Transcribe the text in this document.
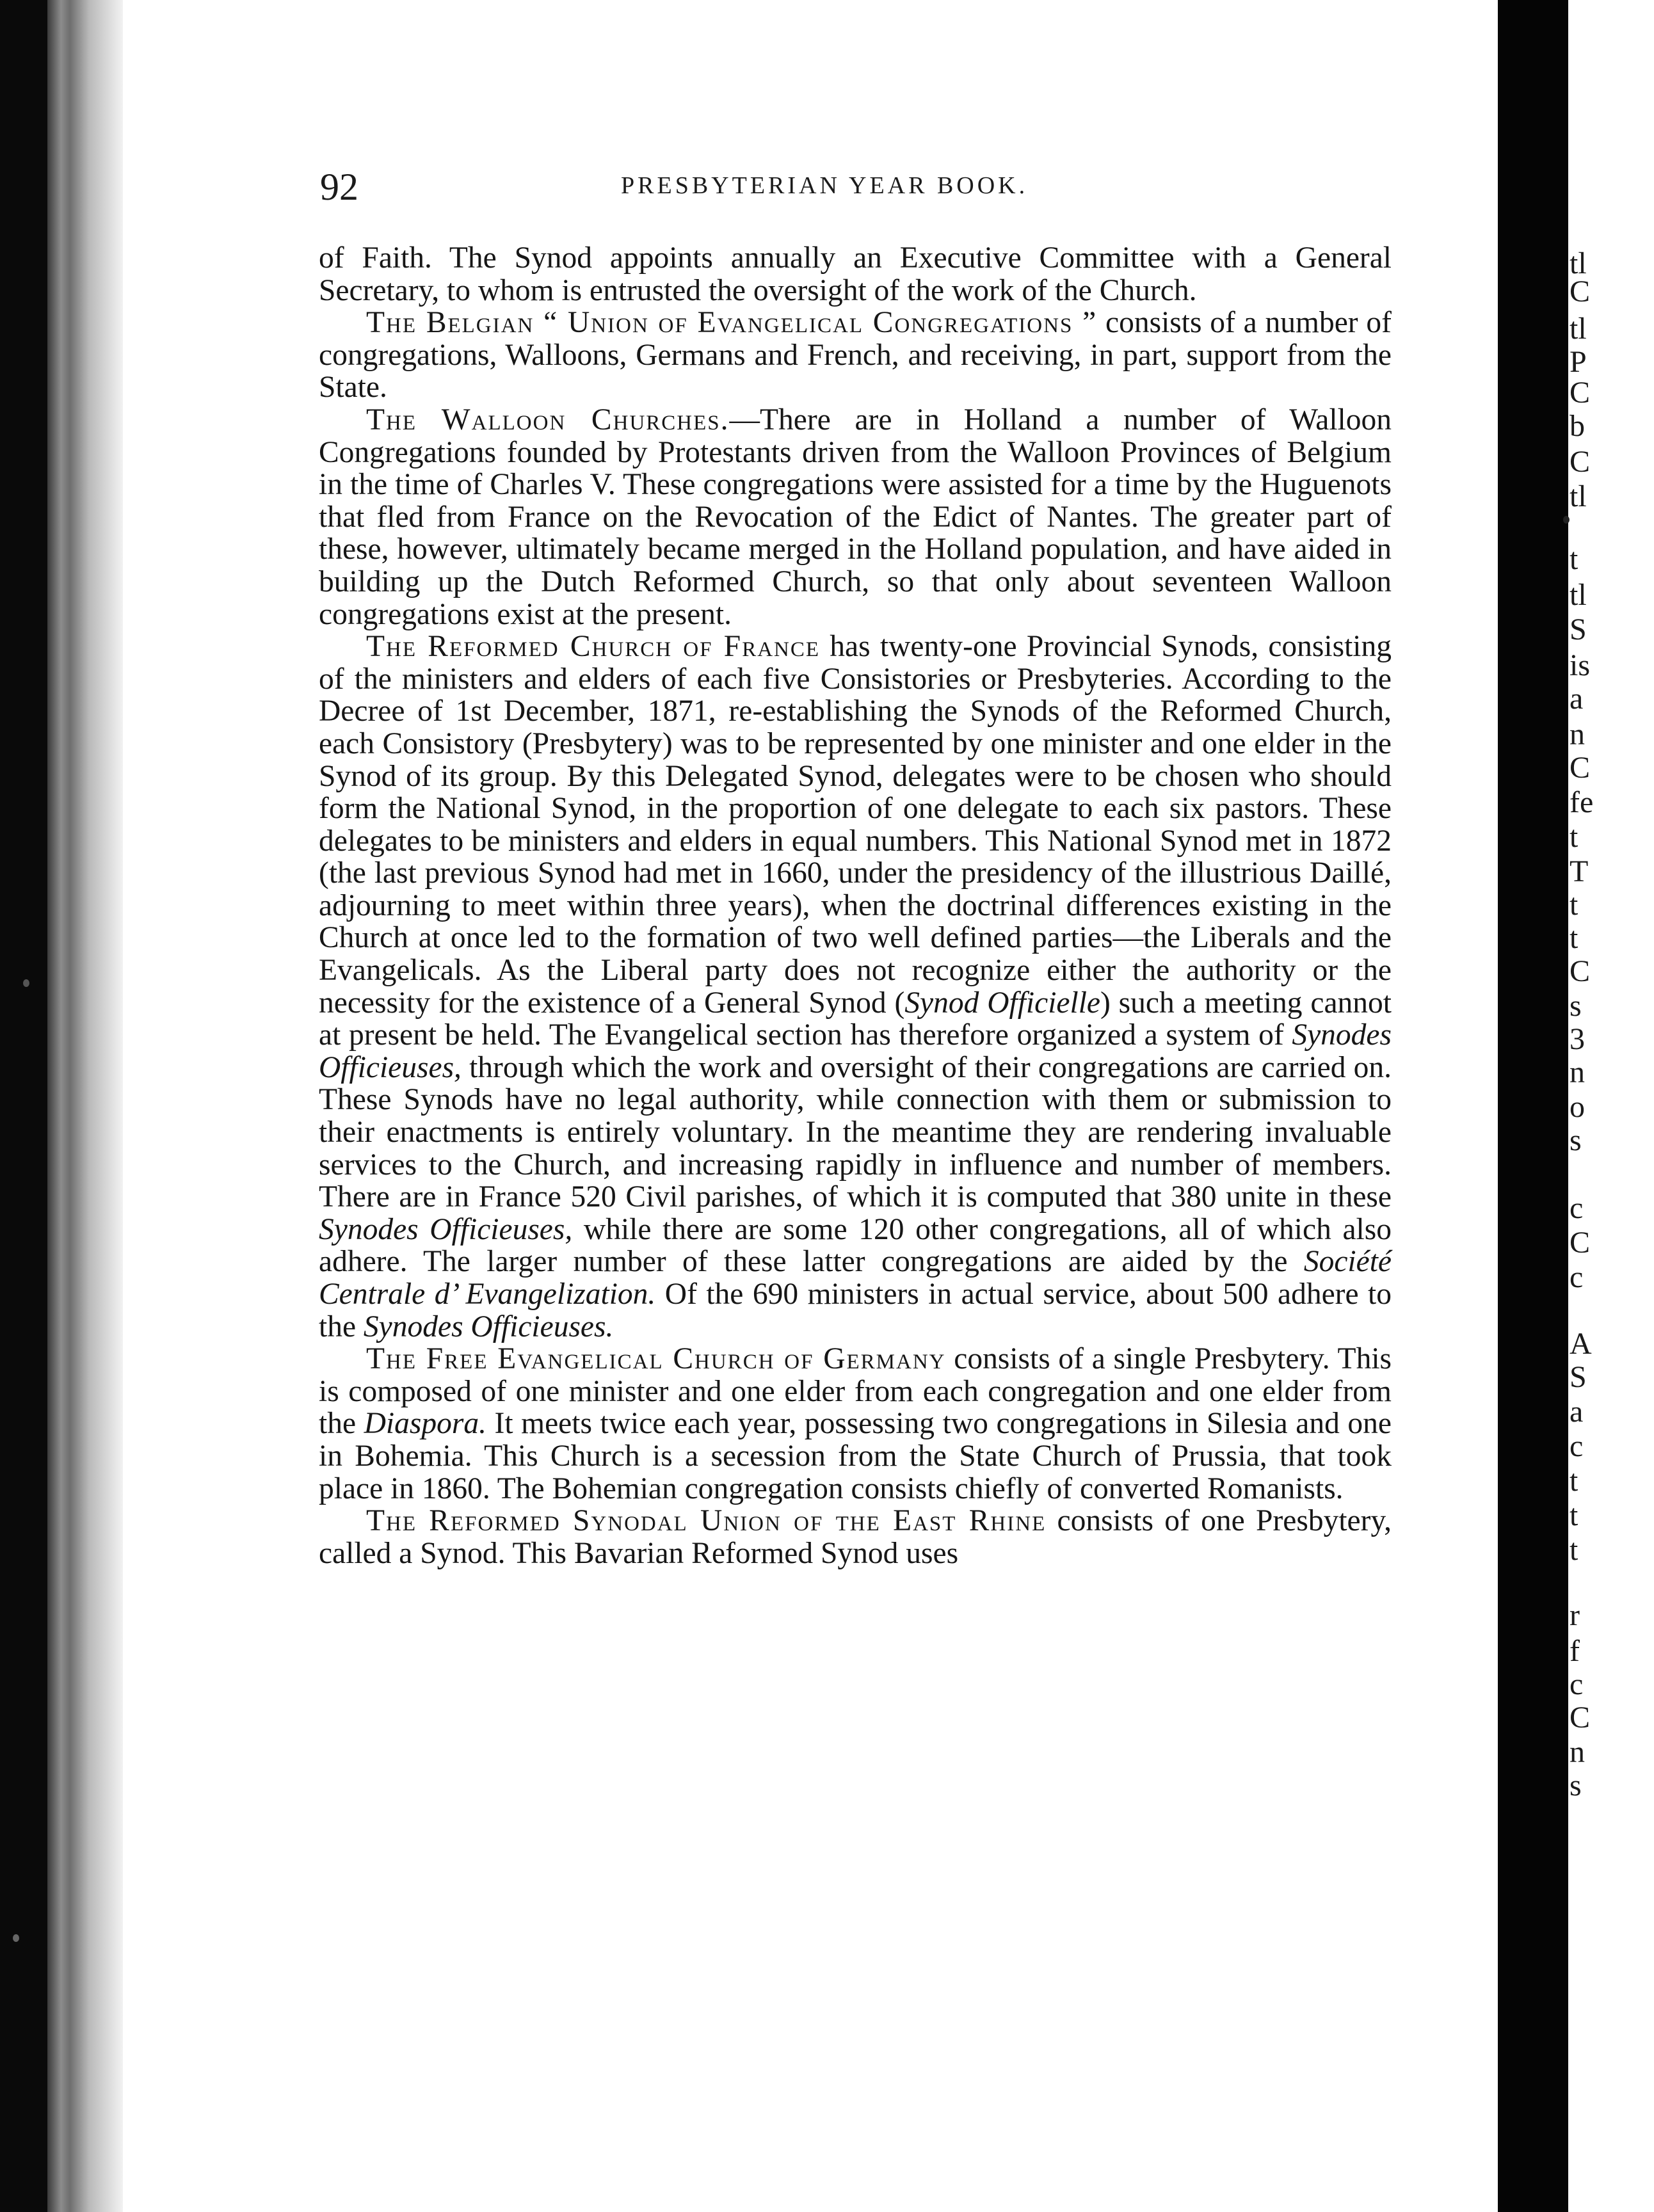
92	PRESBYTERIAN YEAR BOOK.

of Faith. The Synod appoints annually an Executive Committee with a General Secretary, to whom is entrusted the oversight of the work of the Church.

The Belgian “ Union of Evangelical Congregations ” consists of a number of congregations, Walloons, Germans and French, and receiving, in part, support from the State.

The Walloon Churches.—There are in Holland a number of Walloon Congregations founded by Protestants driven from the Walloon Provinces of Belgium in the time of Charles V. These congregations were assisted for a time by the Huguenots that fled from France on the Revocation of the Edict of Nantes. The greater part of these, however, ultimately became merged in the Holland population, and have aided in building up the Dutch Reformed Church, so that only about seventeen Walloon congregations exist at the present.

The Reformed Church of France has twenty-one Provincial Synods, consisting of the ministers and elders of each five Consistories or Presbyteries. According to the Decree of 1st December, 1871, re-establishing the Synods of the Reformed Church, each Consistory (Presbytery) was to be represented by one minister and one elder in the Synod of its group. By this Delegated Synod, delegates were to be chosen who should form the National Synod, in the proportion of one delegate to each six pastors. These delegates to be ministers and elders in equal numbers. This National Synod met in 1872 (the last previous Synod had met in 1660, under the presidency of the illustrious Daillé, adjourning to meet within three years), when the doctrinal differences existing in the Church at once led to the formation of two well defined parties—the Liberals and the Evangelicals. As the Liberal party does not recognize either the authority or the necessity for the existence of a General Synod (Synod Officielle) such a meeting cannot at present be held. The Evangelical section has therefore organized a system of Synodes Officieuses, through which the work and oversight of their congregations are carried on. These Synods have no legal authority, while connection with them or submission to their enactments is entirely voluntary. In the meantime they are rendering invaluable services to the Church, and increasing rapidly in influence and number of members. There are in France 520 Civil parishes, of which it is computed that 380 unite in these Synodes Officieuses, while there are some 120 other congregations, all of which also adhere. The larger number of these latter congregations are aided by the Société Centrale d’ Evangelization. Of the 690 ministers in actual service, about 500 adhere to the Synodes Officieuses.

The Free Evangelical Church of Germany consists of a single Presbytery. This is composed of one minister and one elder from each congregation and one elder from the Diaspora. It meets twice each year, possessing two congregations in Silesia and one in Bohemia. This Church is a secession from the State Church of Prussia, that took place in 1860. The Bohemian congregation consists chiefly of converted Romanists.

The Reformed Synodal Union of the East Rhine consists of one Presbytery, called a Synod. This Bavarian Reformed Synod uses

tl
C
tl
P
C
b
C
tl
t
tl
S
is
a
n
C
fe
t
T
t
t
C
s
3
n
o
s
c
C
c
A
S
a
c
t
t
t
r
f
c
C
n
s
